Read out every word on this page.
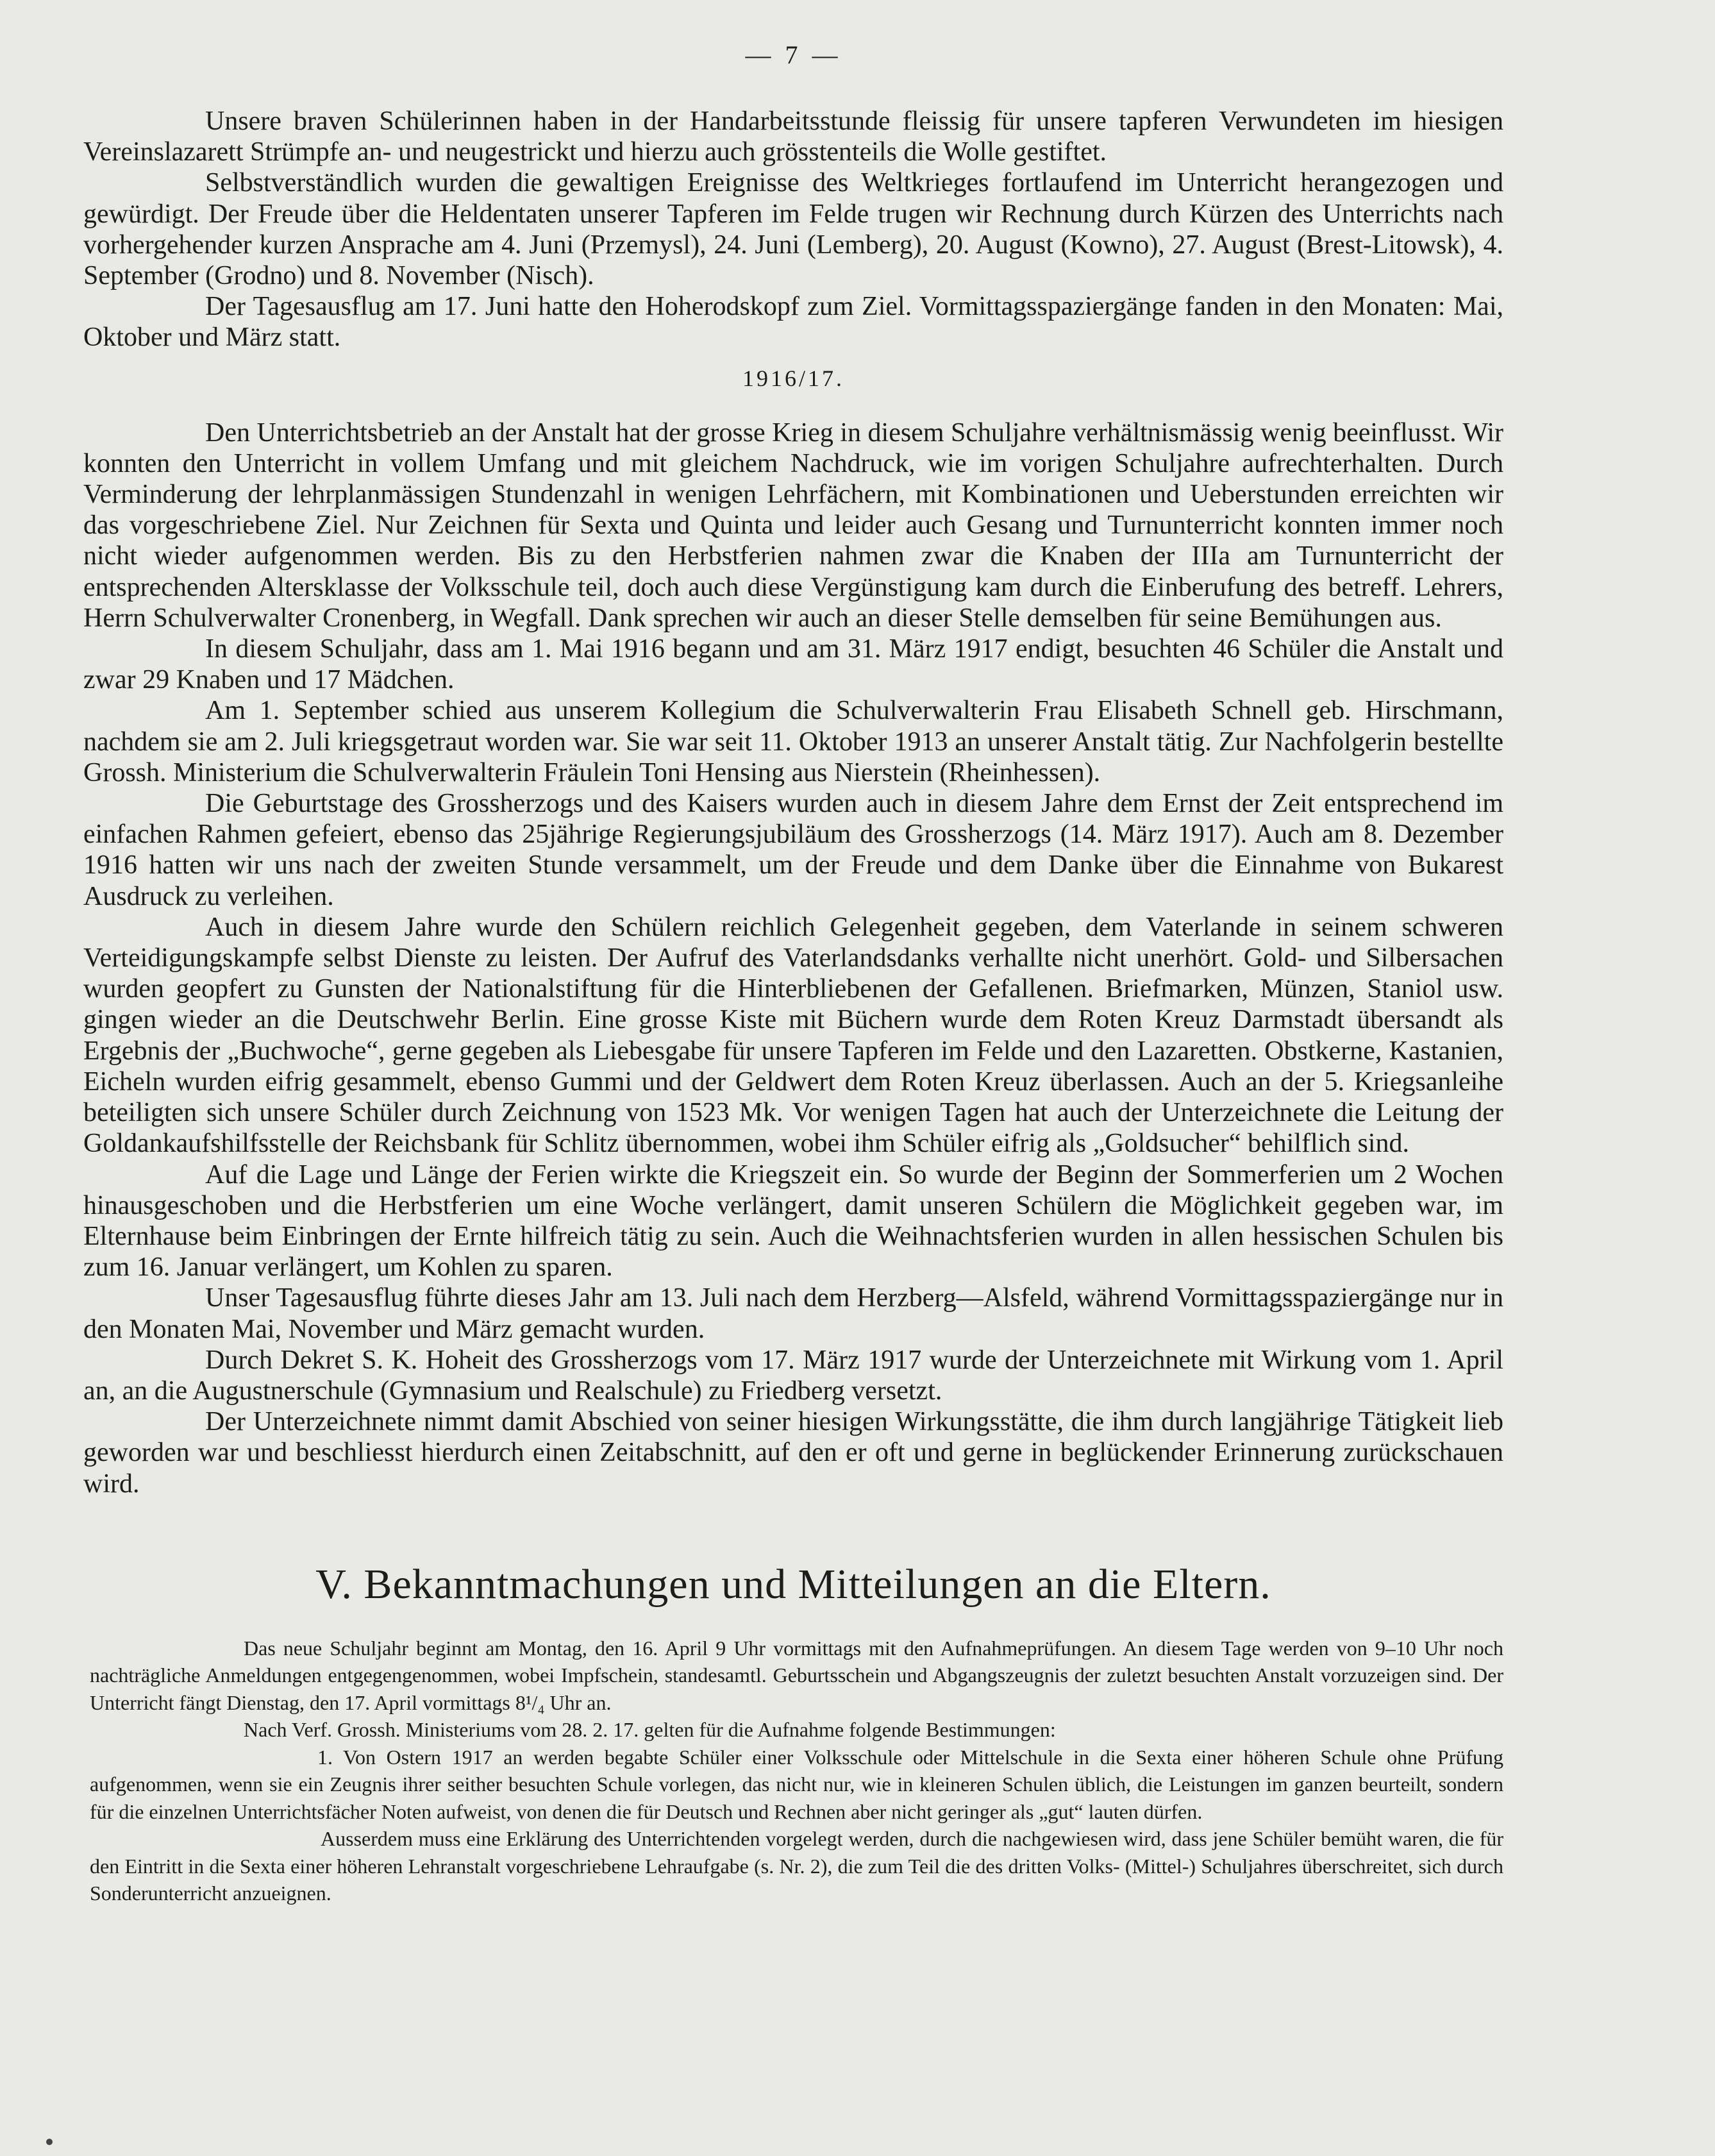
— 7 —

Unsere braven Schülerinnen haben in der Handarbeitsstunde fleissig für unsere tapferen Verwundeten im hiesigen Vereinslazarett Strümpfe an- und neugestrickt und hierzu auch grösstenteils die Wolle gestiftet.

Selbstverständlich wurden die gewaltigen Ereignisse des Weltkrieges fortlaufend im Unterricht herangezogen und gewürdigt. Der Freude über die Heldentaten unserer Tapferen im Felde trugen wir Rechnung durch Kürzen des Unterrichts nach vorhergehender kurzen Ansprache am 4. Juni (Przemysl), 24. Juni (Lemberg), 20. August (Kowno), 27. August (Brest-Litowsk), 4. September (Grodno) und 8. November (Nisch).

Der Tagesausflug am 17. Juni hatte den Hoherodskopf zum Ziel. Vormittagsspaziergänge fanden in den Monaten: Mai, Oktober und März statt.

1916/17.

Den Unterrichtsbetrieb an der Anstalt hat der grosse Krieg in diesem Schuljahre verhältnismässig wenig beeinflusst. Wir konnten den Unterricht in vollem Umfang und mit gleichem Nachdruck, wie im vorigen Schuljahre aufrechterhalten. Durch Verminderung der lehrplanmässigen Stundenzahl in wenigen Lehrfächern, mit Kombinationen und Ueberstunden erreichten wir das vorgeschriebene Ziel. Nur Zeichnen für Sexta und Quinta und leider auch Gesang und Turnunterricht konnten immer noch nicht wieder aufgenommen werden. Bis zu den Herbstferien nahmen zwar die Knaben der IIIa am Turnunterricht der entsprechenden Altersklasse der Volksschule teil, doch auch diese Vergünstigung kam durch die Einberufung des betreff. Lehrers, Herrn Schulverwalter Cronenberg, in Wegfall. Dank sprechen wir auch an dieser Stelle demselben für seine Bemühungen aus.

In diesem Schuljahr, dass am 1. Mai 1916 begann und am 31. März 1917 endigt, besuchten 46 Schüler die Anstalt und zwar 29 Knaben und 17 Mädchen.

Am 1. September schied aus unserem Kollegium die Schulverwalterin Frau Elisabeth Schnell geb. Hirschmann, nachdem sie am 2. Juli kriegsgetraut worden war. Sie war seit 11. Oktober 1913 an unserer Anstalt tätig. Zur Nachfolgerin bestellte Grossh. Ministerium die Schulverwalterin Fräulein Toni Hensing aus Nierstein (Rheinhessen).

Die Geburtstage des Grossherzogs und des Kaisers wurden auch in diesem Jahre dem Ernst der Zeit entsprechend im einfachen Rahmen gefeiert, ebenso das 25jährige Regierungsjubiläum des Grossherzogs (14. März 1917). Auch am 8. Dezember 1916 hatten wir uns nach der zweiten Stunde versammelt, um der Freude und dem Danke über die Einnahme von Bukarest Ausdruck zu verleihen.

Auch in diesem Jahre wurde den Schülern reichlich Gelegenheit gegeben, dem Vaterlande in seinem schweren Verteidigungskampfe selbst Dienste zu leisten. Der Aufruf des Vaterlandsdanks verhallte nicht unerhört. Gold- und Silbersachen wurden geopfert zu Gunsten der Nationalstiftung für die Hinterbliebenen der Gefallenen. Briefmarken, Münzen, Staniol usw. gingen wieder an die Deutschwehr Berlin. Eine grosse Kiste mit Büchern wurde dem Roten Kreuz Darmstadt übersandt als Ergebnis der „Buchwoche“, gerne gegeben als Liebesgabe für unsere Tapferen im Felde und den Lazaretten. Obstkerne, Kastanien, Eicheln wurden eifrig gesammelt, ebenso Gummi und der Geldwert dem Roten Kreuz überlassen. Auch an der 5. Kriegsanleihe beteiligten sich unsere Schüler durch Zeichnung von 1523 Mk. Vor wenigen Tagen hat auch der Unterzeichnete die Leitung der Goldankaufshilfsstelle der Reichsbank für Schlitz übernommen, wobei ihm Schüler eifrig als „Goldsucher“ behilflich sind.

Auf die Lage und Länge der Ferien wirkte die Kriegszeit ein. So wurde der Beginn der Sommerferien um 2 Wochen hinausgeschoben und die Herbstferien um eine Woche verlängert, damit unseren Schülern die Möglichkeit gegeben war, im Elternhause beim Einbringen der Ernte hilfreich tätig zu sein. Auch die Weihnachtsferien wurden in allen hessischen Schulen bis zum 16. Januar verlängert, um Kohlen zu sparen.

Unser Tagesausflug führte dieses Jahr am 13. Juli nach dem Herzberg—Alsfeld, während Vormittagsspaziergänge nur in den Monaten Mai, November und März gemacht wurden.

Durch Dekret S. K. Hoheit des Grossherzogs vom 17. März 1917 wurde der Unterzeichnete mit Wirkung vom 1. April an, an die Augustnerschule (Gymnasium und Realschule) zu Friedberg versetzt.

Der Unterzeichnete nimmt damit Abschied von seiner hiesigen Wirkungsstätte, die ihm durch langjährige Tätigkeit lieb geworden war und beschliesst hierdurch einen Zeitabschnitt, auf den er oft und gerne in beglückender Erinnerung zurückschauen wird.

V. Bekanntmachungen und Mitteilungen an die Eltern.

Das neue Schuljahr beginnt am Montag, den 16. April 9 Uhr vormittags mit den Aufnahmeprüfungen. An diesem Tage werden von 9–10 Uhr noch nachträgliche Anmeldungen entgegengenommen, wobei Impfschein, standesamtl. Geburtsschein und Abgangszeugnis der zuletzt besuchten Anstalt vorzuzeigen sind. Der Unterricht fängt Dienstag, den 17. April vormittags 8¹/₄ Uhr an.

Nach Verf. Grossh. Ministeriums vom 28. 2. 17. gelten für die Aufnahme folgende Bestimmungen:

1. Von Ostern 1917 an werden begabte Schüler einer Volksschule oder Mittelschule in die Sexta einer höheren Schule ohne Prüfung aufgenommen, wenn sie ein Zeugnis ihrer seither besuchten Schule vorlegen, das nicht nur, wie in kleineren Schulen üblich, die Leistungen im ganzen beurteilt, sondern für die einzelnen Unterrichtsfächer Noten aufweist, von denen die für Deutsch und Rechnen aber nicht geringer als „gut“ lauten dürfen.

Ausserdem muss eine Erklärung des Unterrichtenden vorgelegt werden, durch die nachgewiesen wird, dass jene Schüler bemüht waren, die für den Eintritt in die Sexta einer höheren Lehranstalt vorgeschriebene Lehraufgabe (s. Nr. 2), die zum Teil die des dritten Volks- (Mittel-) Schuljahres überschreitet, sich durch Sonderunterricht anzueignen.
